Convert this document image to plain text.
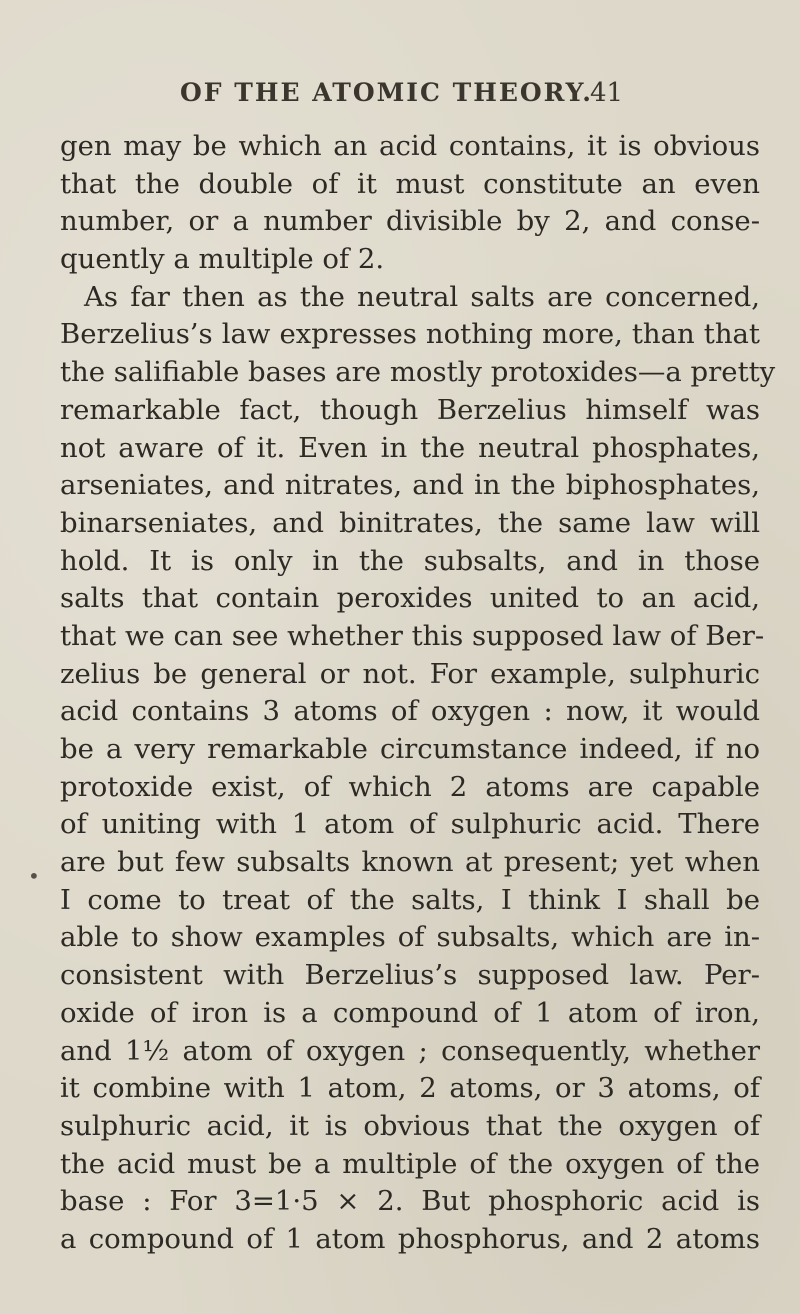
OF THE ATOMIC THEORY.
41
•
gen may be which an acid contains, it is obvious
that the double of it must constitute an even
number, or a number divisible by 2, and conse-
quently a multiple of 2.
As far then as the neutral salts are concerned,
Berzelius’s law expresses nothing more, than that
the salifiable bases are mostly protoxides—a pretty
remarkable fact, though Berzelius himself was
not aware of it. Even in the neutral phosphates,
arseniates, and nitrates, and in the biphosphates,
binarseniates, and binitrates, the same law will
hold. It is only in the subsalts, and in those
salts that contain peroxides united to an acid,
that we can see whether this supposed law of Ber-
zelius be general or not. For example, sulphuric
acid contains 3 atoms of oxygen : now, it would
be a very remarkable circumstance indeed, if no
protoxide exist, of which 2 atoms are capable
of uniting with 1 atom of sulphuric acid. There
are but few subsalts known at present; yet when
I come to treat of the salts, I think I shall be
able to show examples of subsalts, which are in-
consistent with Berzelius’s supposed law. Per-
oxide of iron is a compound of 1 atom of iron,
and 1½ atom of oxygen ; consequently, whether
it combine with 1 atom, 2 atoms, or 3 atoms, of
sulphuric acid, it is obvious that the oxygen of
the acid must be a multiple of the oxygen of the
base : For 3=1·5 × 2. But phosphoric acid is
a compound of 1 atom phosphorus, and 2 atoms
